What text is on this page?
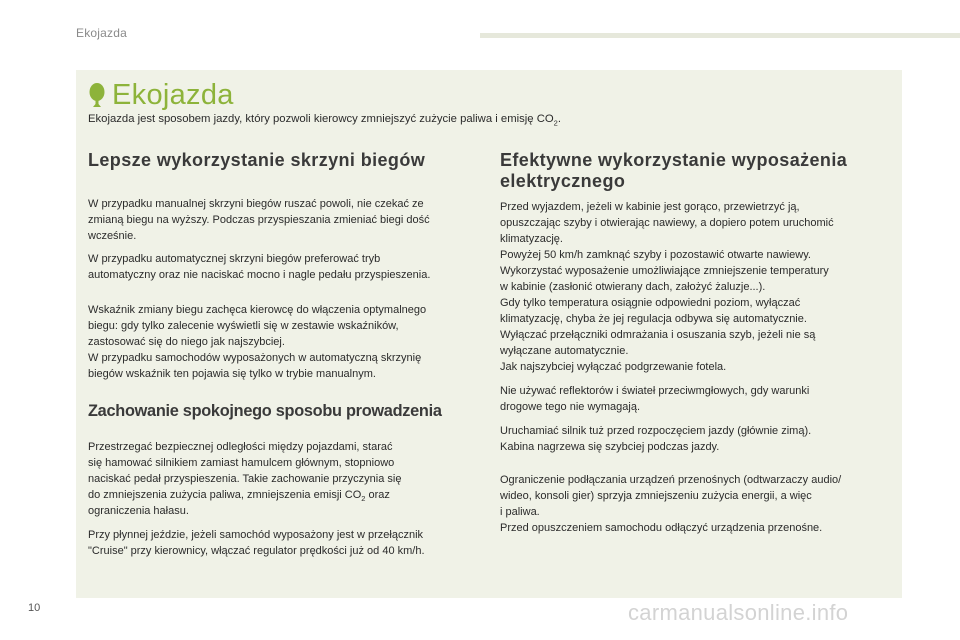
Ekojazda
Ekojazda
Ekojazda jest sposobem jazdy, który pozwoli kierowcy zmniejszyć zużycie paliwa i emisję $CO_2$.
Lepsze wykorzystanie skrzyni biegów

W przypadku manualnej skrzyni biegów ruszać powoli, nie czekać ze
zmianą biegu na wyższy. Podczas przyspieszania zmieniać biegi dość
wcześnie.

W przypadku automatycznej skrzyni biegów preferować tryb
automatyczny oraz nie naciskać mocno i nagle pedału przyspieszenia.

Wskaźnik zmiany biegu zachęca kierowcę do włączenia optymalnego
biegu: gdy tylko zalecenie wyświetli się w zestawie wskaźników,
zastosować się do niego jak najszybciej.
W przypadku samochodów wyposażonych w automatyczną skrzynię
biegów wskaźnik ten pojawia się tylko w trybie manualnym.

Zachowanie spokojnego sposobu prowadzenia

Przestrzegać bezpiecznej odległości między pojazdami, starać
się hamować silnikiem zamiast hamulcem głównym, stopniowo
naciskać pedał przyspieszenia. Takie zachowanie przyczynia się
do zmniejszenia zużycia paliwa, zmniejszenia emisji $CO_2$ oraz
ograniczenia hałasu.

Przy płynnej jeździe, jeżeli samochód wyposażony jest w przełącznik
"Cruise" przy kierownicy, włączać regulator prędkości już od 40 km/h.

Efektywne wykorzystanie wyposażenia
elektrycznego

Przed wyjazdem, jeżeli w kabinie jest gorąco, przewietrzyć ją,
opuszczając szyby i otwierając nawiewy, a dopiero potem uruchomić
klimatyzację.
Powyżej 50 km/h zamknąć szyby i pozostawić otwarte nawiewy.
Wykorzystać wyposażenie umożliwiające zmniejszenie temperatury
w kabinie (zasłonić otwierany dach, założyć żaluzje...).
Gdy tylko temperatura osiągnie odpowiedni poziom, wyłączać
klimatyzację, chyba że jej regulacja odbywa się automatycznie.
Wyłączać przełączniki odmrażania i osuszania szyb, jeżeli nie są
wyłączane automatycznie.
Jak najszybciej wyłączać podgrzewanie fotela.

Nie używać reflektorów i świateł przeciwmgłowych, gdy warunki
drogowe tego nie wymagają.

Uruchamiać silnik tuż przed rozpoczęciem jazdy (głównie zimą).
Kabina nagrzewa się szybciej podczas jazdy.

Ograniczenie podłączania urządzeń przenośnych (odtwarzaczy audio/
wideo, konsoli gier) sprzyja zmniejszeniu zużycia energii, a więc
i paliwa.
Przed opuszczeniem samochodu odłączyć urządzenia przenośne.

10	carmanualsonline.info
